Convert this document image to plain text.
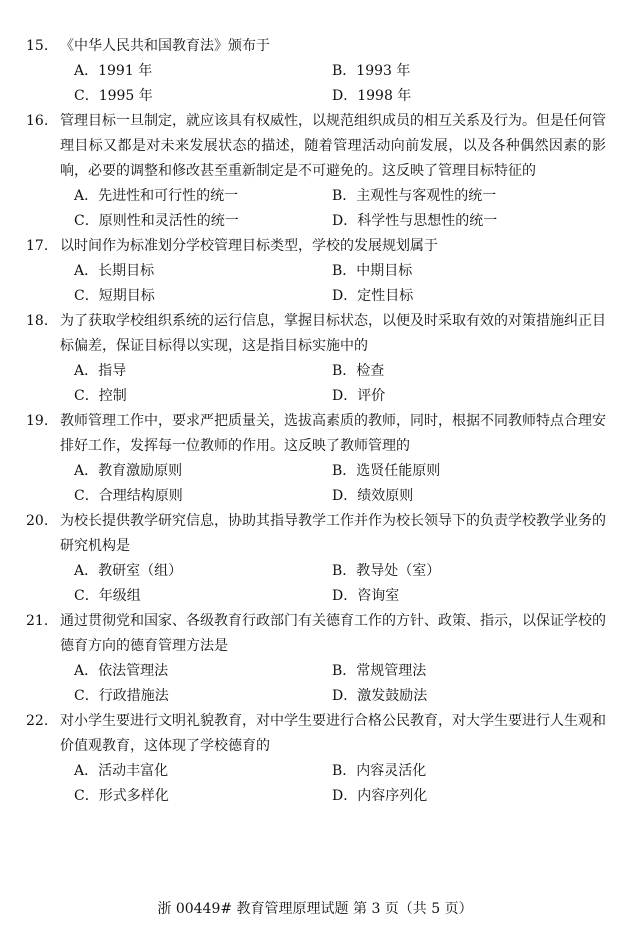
15. 《中华人民共和国教育法》颁布于
A．1991 年	B．1993 年
C．1995 年	D．1998 年
16. 管理目标一旦制定，就应该具有权威性，以规范组织成员的相互关系及行为。但是任何管理目标又都是对未来发展状态的描述，随着管理活动向前发展，以及各种偶然因素的影响，必要的调整和修改甚至重新制定是不可避免的。这反映了管理目标特征的
A．先进性和可行性的统一	B．主观性与客观性的统一
C．原则性和灵活性的统一	D．科学性与思想性的统一
17. 以时间作为标准划分学校管理目标类型，学校的发展规划属于
A．长期目标	B．中期目标
C．短期目标	D．定性目标
18. 为了获取学校组织系统的运行信息，掌握目标状态，以便及时采取有效的对策措施纠正目标偏差，保证目标得以实现，这是指目标实施中的
A．指导	B．检查
C．控制	D．评价
19. 教师管理工作中，要求严把质量关，选拔高素质的教师，同时，根据不同教师特点合理安排好工作，发挥每一位教师的作用。这反映了教师管理的
A．教育激励原则	B．选贤任能原则
C．合理结构原则	D．绩效原则
20. 为校长提供教学研究信息，协助其指导教学工作并作为校长领导下的负责学校教学业务的研究机构是
A．教研室（组）	B．教导处（室）
C．年级组	D．咨询室
21. 通过贯彻党和国家、各级教育行政部门有关德育工作的方针、政策、指示，以保证学校的德育方向的德育管理方法是
A．依法管理法	B．常规管理法
C．行政措施法	D．激发鼓励法
22. 对小学生要进行文明礼貌教育，对中学生要进行合格公民教育，对大学生要进行人生观和价值观教育，这体现了学校德育的
A．活动丰富化	B．内容灵活化
C．形式多样化	D．内容序列化
浙 00449# 教育管理原理试题 第 3 页（共 5 页）
